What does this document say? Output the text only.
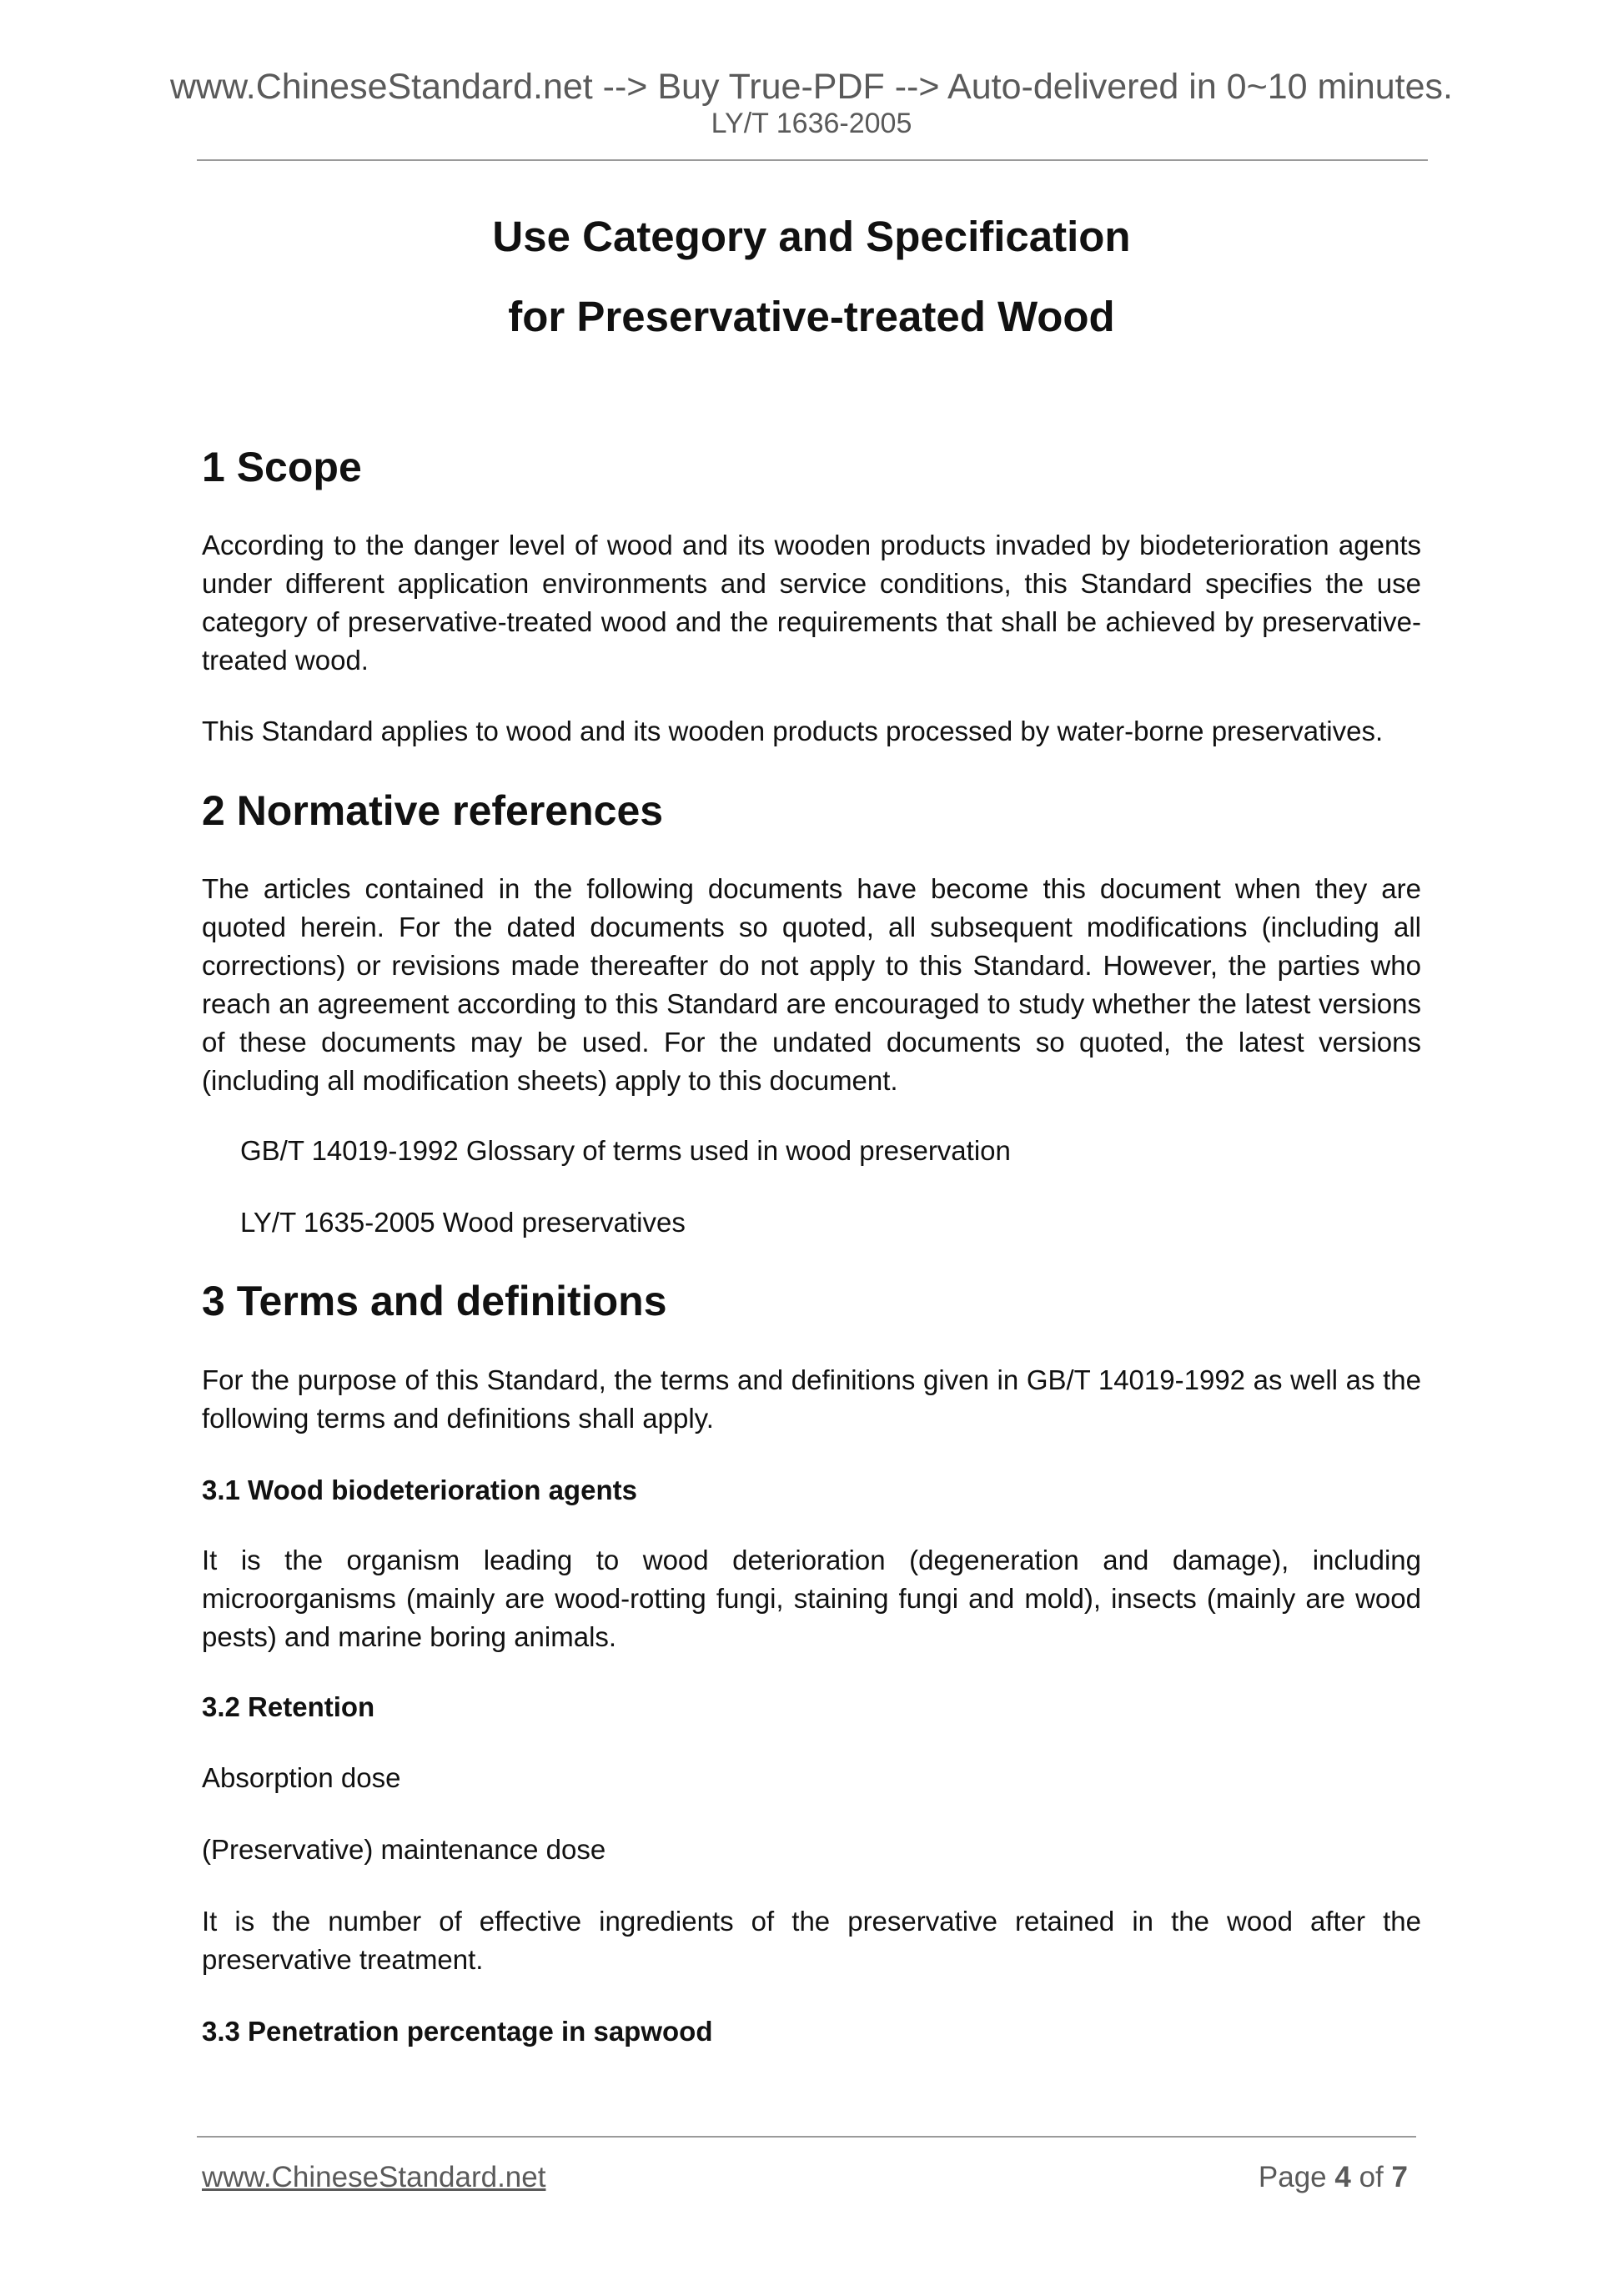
www.ChineseStandard.net --> Buy True-PDF --> Auto-delivered in 0~10 minutes.
LY/T 1636-2005
Use Category and Specification
for Preservative-treated Wood
1 Scope
According to the danger level of wood and its wooden products invaded by biodeterioration agents under different application environments and service conditions, this Standard specifies the use category of preservative-treated wood and the requirements that shall be achieved by preservative-treated wood.
This Standard applies to wood and its wooden products processed by water-borne preservatives.
2 Normative references
The articles contained in the following documents have become this document when they are quoted herein. For the dated documents so quoted, all subsequent modifications (including all corrections) or revisions made thereafter do not apply to this Standard. However, the parties who reach an agreement according to this Standard are encouraged to study whether the latest versions of these documents may be used. For the undated documents so quoted, the latest versions (including all modification sheets) apply to this document.
GB/T 14019-1992 Glossary of terms used in wood preservation
LY/T 1635-2005 Wood preservatives
3 Terms and definitions
For the purpose of this Standard, the terms and definitions given in GB/T 14019-1992 as well as the following terms and definitions shall apply.
3.1 Wood biodeterioration agents
It is the organism leading to wood deterioration (degeneration and damage), including microorganisms (mainly are wood-rotting fungi, staining fungi and mold), insects (mainly are wood pests) and marine boring animals.
3.2 Retention
Absorption dose
(Preservative) maintenance dose
It is the number of effective ingredients of the preservative retained in the wood after the preservative treatment.
3.3 Penetration percentage in sapwood
www.ChineseStandard.net	Page 4 of 7
